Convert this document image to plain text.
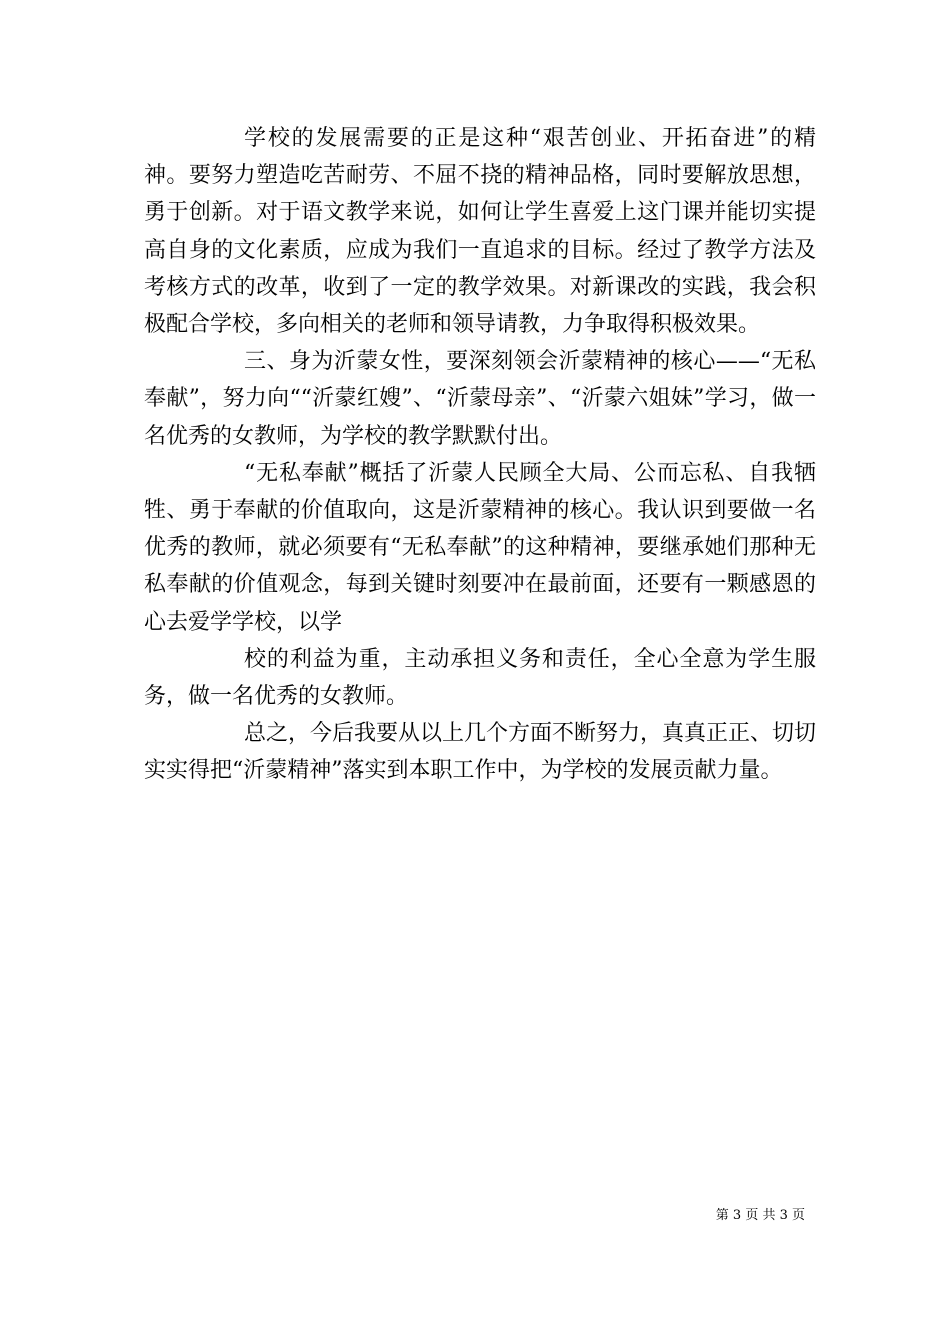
学校的发展需要的正是这种“艰苦创业、开拓奋进”的精神。要努力塑造吃苦耐劳、不屈不挠的精神品格，同时要解放思想，勇于创新。对于语文教学来说，如何让学生喜爱上这门课并能切实提高自身的文化素质，应成为我们一直追求的目标。经过了教学方法及考核方式的改革，收到了一定的教学效果。对新课改的实践，我会积极配合学校，多向相关的老师和领导请教，力争取得积极效果。

三、身为沂蒙女性，要深刻领会沂蒙精神的核心——“无私奉献”，努力向““沂蒙红嫂”、“沂蒙母亲”、“沂蒙六姐妹”学习，做一名优秀的女教师，为学校的教学默默付出。

“无私奉献”概括了沂蒙人民顾全大局、公而忘私、自我牺牲、勇于奉献的价值取向，这是沂蒙精神的核心。我认识到要做一名优秀的教师，就必须要有“无私奉献”的这种精神，要继承她们那种无私奉献的价值观念，每到关键时刻要冲在最前面，还要有一颗感恩的心去爱学学校，以学

校的利益为重，主动承担义务和责任，全心全意为学生服务，做一名优秀的女教师。

总之，今后我要从以上几个方面不断努力，真真正正、切切实实得把“沂蒙精神”落实到本职工作中，为学校的发展贡献力量。

第 3 页 共 3 页
